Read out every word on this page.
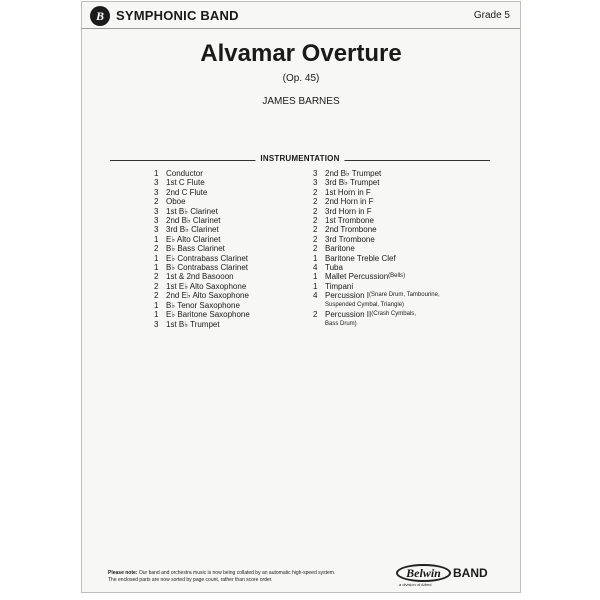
B SYMPHONIC BAND	Grade 5
Alvamar Overture
(Op. 45)
JAMES BARNES
INSTRUMENTATION
1 Conductor
3 1st C Flute
3 2nd C Flute
2 Oboe
3 1st B♭ Clarinet
3 2nd B♭ Clarinet
3 3rd B♭ Clarinet
1 E♭ Alto Clarinet
2 B♭ Bass Clarinet
1 E♭ Contrabass Clarinet
1 B♭ Contrabass Clarinet
2 1st & 2nd Basooon
2 1st E♭ Alto Saxophone
2 2nd E♭ Alto Saxophone
1 B♭ Tenor Saxophone
1 E♭ Baritone Saxophone
3 1st B♭ Trumpet
3 2nd B♭ Trumpet
3 3rd B♭ Trumpet
2 1st Horn in F
2 2nd Horn in F
2 3rd Horn in F
2 1st Trombone
2 2nd Trombone
2 3rd Trombone
2 Baritone
1 Baritone Treble Clef
4 Tuba
1 Mallet Percussion (Bells)
1 Timpani
4 Percussion I (Snare Drum, Tambourine,
Suspended Cymbal, Triangle)
2 Percussion II (Crash Cymbals,
Bass Drum)
Please note: Our band and orchestra music is now being collated by an automatic high-speed system.
The enclosed parts are now sorted by page count, rather than score order.	Belwin	BAND
a division of Alfred
